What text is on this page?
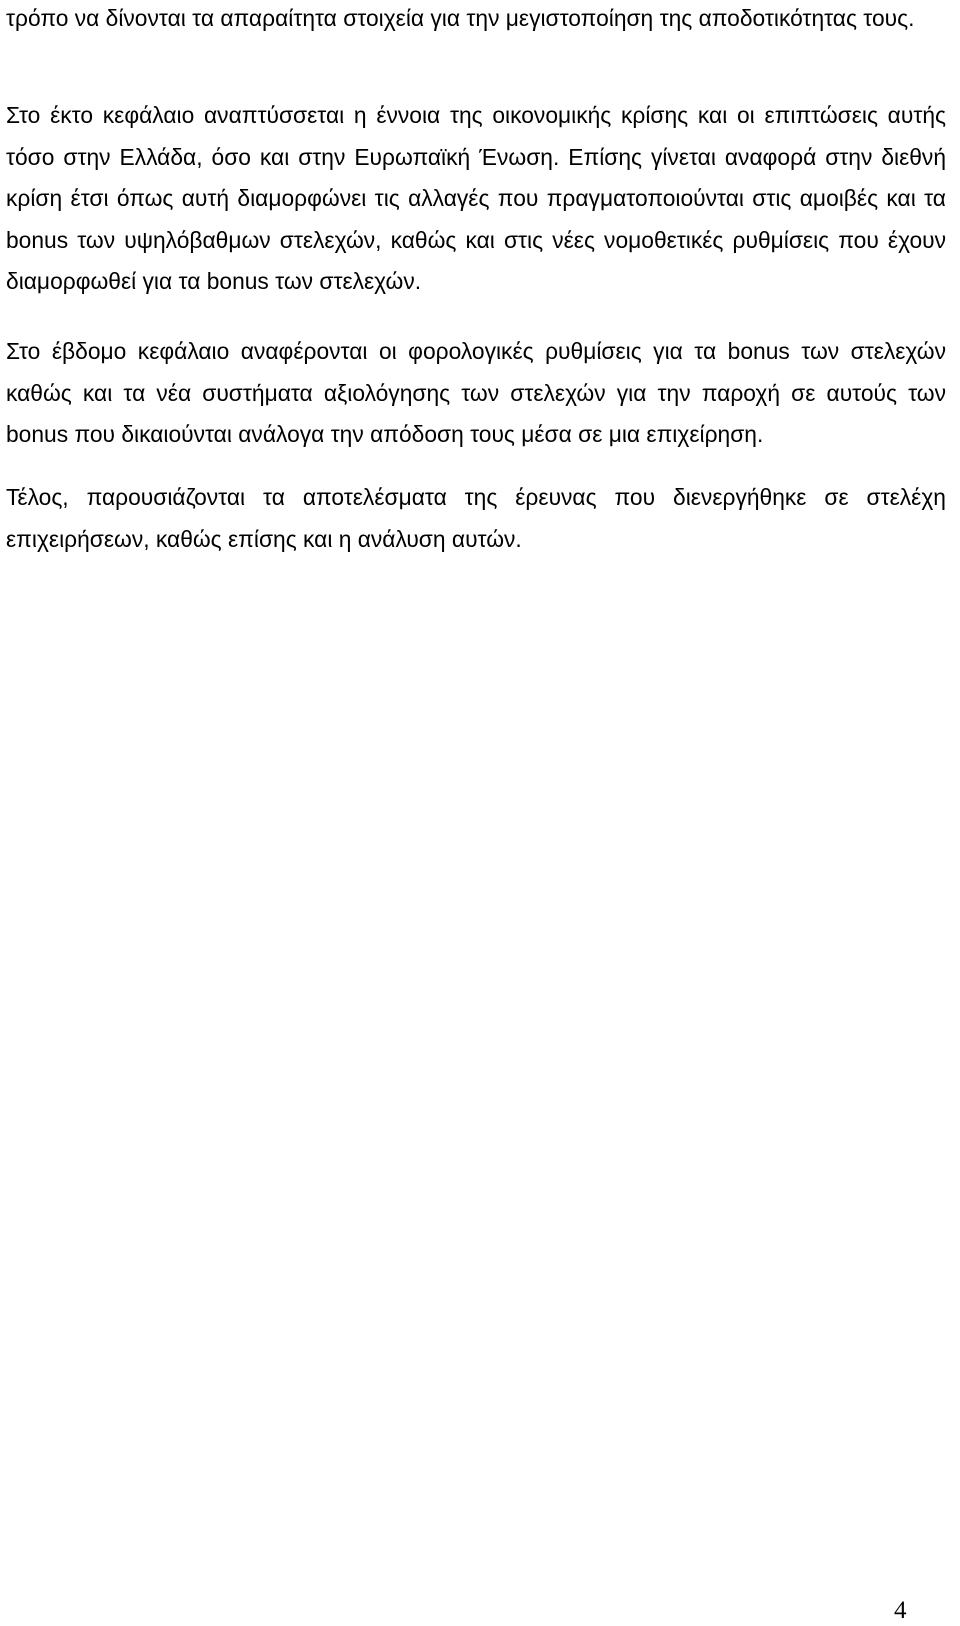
τρόπο να δίνονται τα απαραίτητα στοιχεία για την μεγιστοποίηση της αποδοτικότητας τους.

Στο έκτο κεφάλαιο αναπτύσσεται η έννοια της οικονομικής κρίσης και οι επιπτώσεις αυτής τόσο στην Ελλάδα, όσο και στην Ευρωπαϊκή Ένωση. Επίσης γίνεται αναφορά στην διεθνή κρίση έτσι όπως αυτή διαμορφώνει τις αλλαγές που πραγματοποιούνται στις αμοιβές και τα bonus των υψηλόβαθμων στελεχών, καθώς και στις νέες νομοθετικές ρυθμίσεις που έχουν διαμορφωθεί για τα bonus των στελεχών.

Στο έβδομο κεφάλαιο αναφέρονται οι φορολογικές ρυθμίσεις για τα bonus των στελεχών καθώς και τα νέα συστήματα αξιολόγησης των στελεχών για την παροχή σε αυτούς των bonus που δικαιούνται ανάλογα την απόδοση τους μέσα σε μια επιχείρηση.

Τέλος, παρουσιάζονται τα αποτελέσματα της έρευνας που διενεργήθηκε σε στελέχη επιχειρήσεων, καθώς επίσης και η ανάλυση αυτών.

4
